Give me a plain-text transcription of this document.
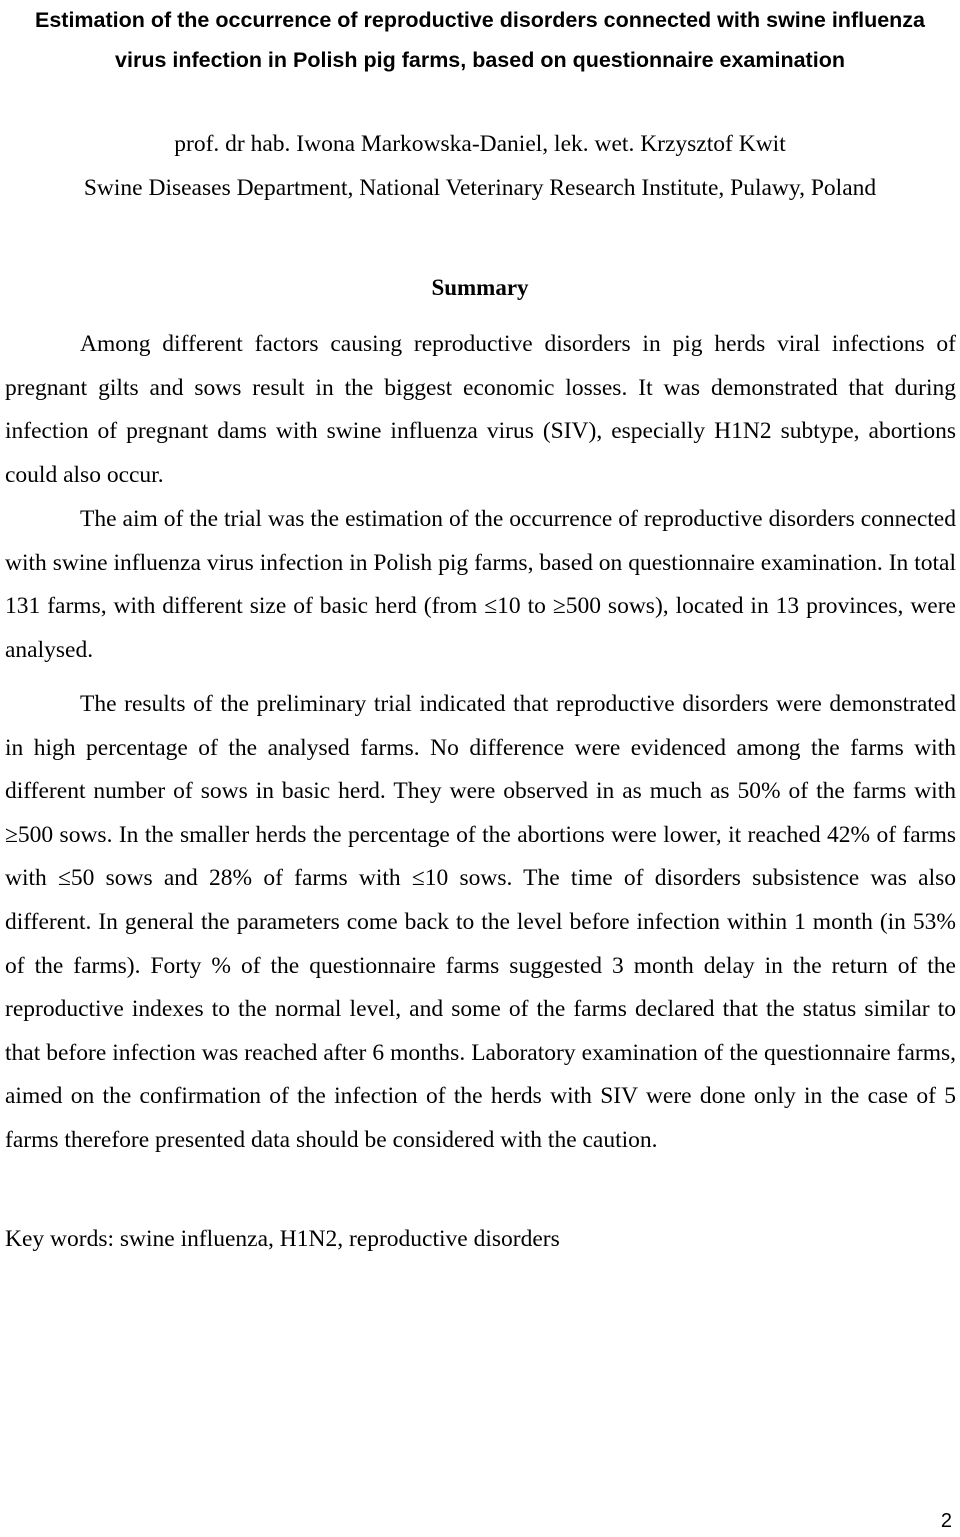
Estimation of the occurrence of reproductive disorders connected with swine influenza
virus infection in Polish pig farms, based on questionnaire examination
prof. dr hab. Iwona Markowska-Daniel, lek. wet. Krzysztof Kwit
Swine Diseases Department, National Veterinary Research Institute, Pulawy, Poland
Summary

Among different factors causing reproductive disorders in pig herds viral infections of pregnant gilts and sows result in the biggest economic losses. It was demonstrated that during infection of pregnant dams with swine influenza virus (SIV), especially H1N2 subtype, abortions could also occur.

The aim of the trial was the estimation of the occurrence of reproductive disorders connected with swine influenza virus infection in Polish pig farms, based on questionnaire examination. In total 131 farms, with different size of basic herd (from ≤10 to ≥500 sows), located in 13 provinces, were analysed.

The results of the preliminary trial indicated that reproductive disorders were demonstrated in high percentage of the analysed farms. No difference were evidenced among the farms with different number of sows in basic herd. They were observed in as much as 50% of the farms with ≥500 sows. In the smaller herds the percentage of the abortions were lower, it reached 42% of farms with ≤50 sows and 28% of farms with ≤10 sows. The time of disorders subsistence was also different. In general the parameters come back to the level before infection within 1 month (in 53% of the farms). Forty % of the questionnaire farms suggested 3 month delay in the return of the reproductive indexes to the normal level, and some of the farms declared that the status similar to that before infection was reached after 6 months. Laboratory examination of the questionnaire farms, aimed on the confirmation of the infection of the herds with SIV were done only in the case of 5 farms therefore presented data should be considered with the caution.

Key words: swine influenza, H1N2, reproductive disorders
2
